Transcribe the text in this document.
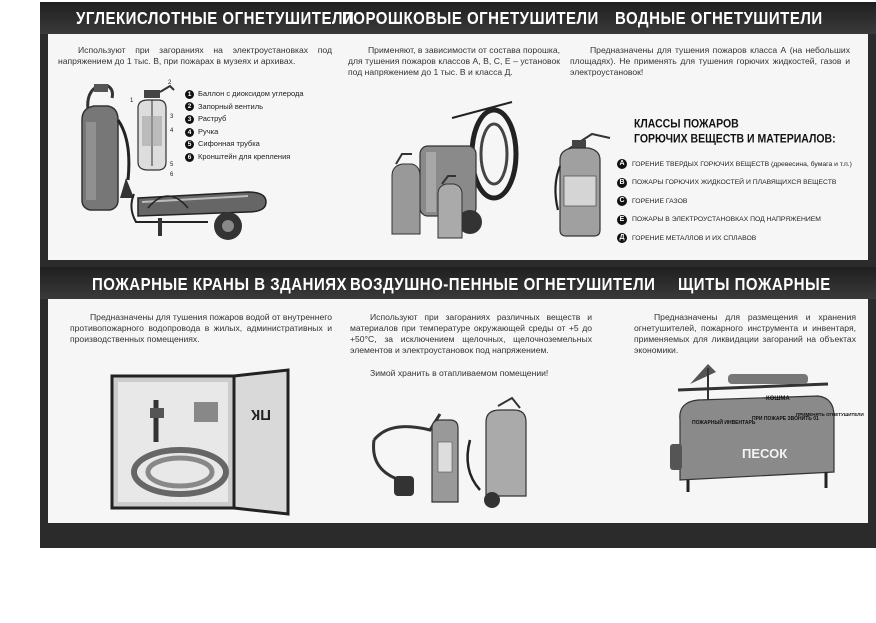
УГЛЕКИСЛОТНЫЕ ОГНЕТУШИТЕЛИ
ПОРОШКОВЫЕ ОГНЕТУШИТЕЛИ ВОДНЫЕ ОГНЕТУШИТЕЛИ
ПОЖАРНЫЕ КРАНЫ В ЗДАНИЯХ ВОЗДУШНО-ПЕННЫЕ ОГНЕТУШИТЕЛИ ЩИТЫ ПОЖАРНЫЕ
Используют при загораниях на электроустановках под напряжением до 1 тыс. В, при пожарах в музеях и архивах.
Применяют, в зависимости от состава порошка, для тушения пожаров классов А, В, С, Е – установок под напряжением до 1 тыс. В и класса Д.
Предназначены для тушения пожаров класса А (на небольших площадях). Не применять для тушения горючих жидкостей, газов и электроустановок!
Предназначены для тушения пожаров водой от внутреннего противопожарного водопровода в жилых, административных и производственных помещениях.
Используют при загораниях различных веществ и материалов при температуре окружающей среды от +5 до +50°С, за исключением щелочных, щелочноземельных элементов и электроустановок под напряжением.
Зимой хранить в отапливаемом помещении!
Предназначены для размещения и хранения огнетушителей, пожарного инструмента и инвентаря, применяемых для ликвидации загораний на объектах экономики.
1 Баллон с диоксидом углерода
2 Запорный вентиль
3 Раструб
4 Ручка
5 Сифонная трубка
6 Кронштейн для крепления
КЛАССЫ ПОЖАРОВ
ГОРЮЧИХ ВЕЩЕСТВ И МАТЕРИАЛОВ:
А	ГОРЕНИЕ ТВЕРДЫХ ГОРЮЧИХ ВЕЩЕСТВ (древесина, бумага и т.п.)
В	ПОЖАРЫ ГОРЮЧИХ ЖИДКОСТЕЙ И ПЛАВЯЩИХСЯ ВЕЩЕСТВ
С	ГОРЕНИЕ ГАЗОВ
Е	ПОЖАРЫ В ЭЛЕКТРОУСТАНОВКАХ ПОД НАПРЯЖЕНИЕМ
Д	ГОРЕНИЕ МЕТАЛЛОВ И ИХ СПЛАВОВ
1
2
3
4
5
6
ПК	ПОЖАРНЫЙ ИНВЕНТАРЬ
ПРИ ПОЖАРЕ ЗВОНИТЬ 01
ПРИМЕНЯТЬ ОГНЕТУШИТЕЛИ
КОШМА
ПЕСОК
